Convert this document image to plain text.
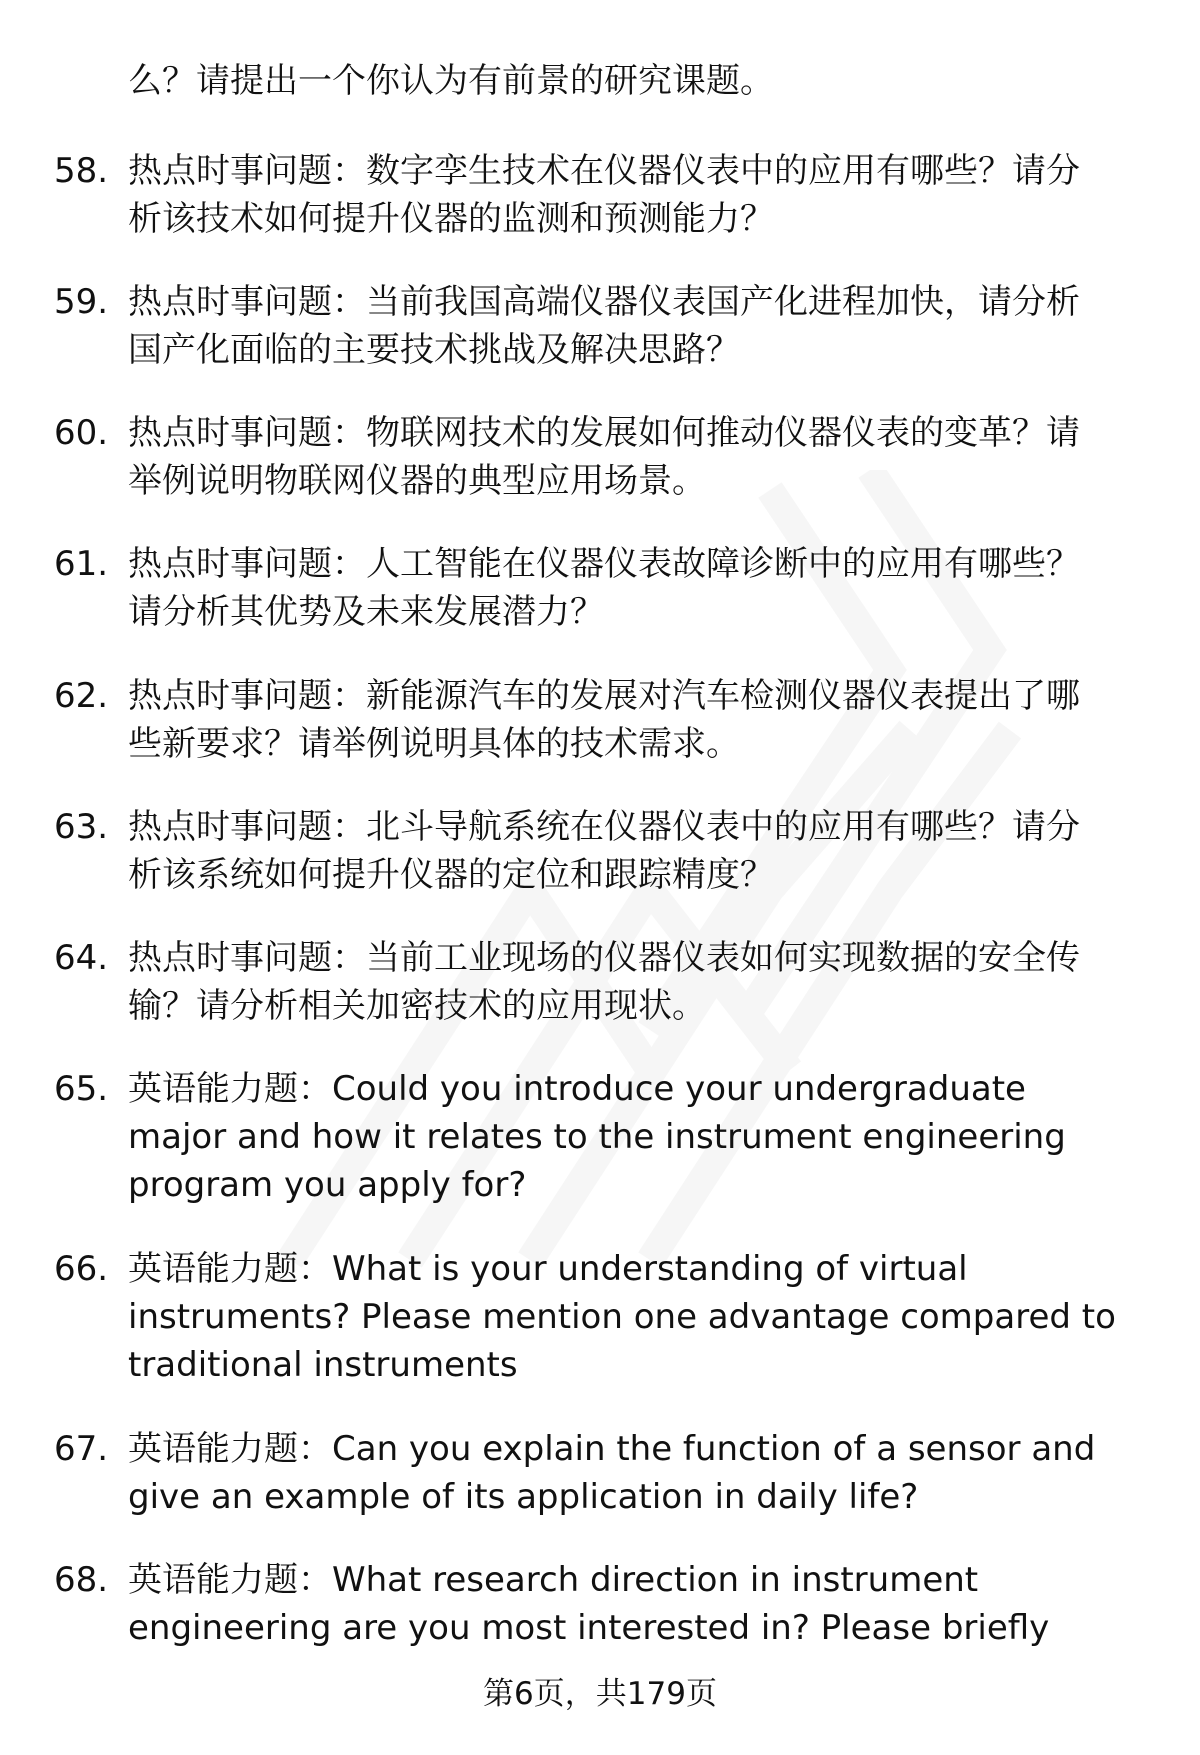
么？请提出一个你认为有前景的研究课题。
58. 热点时事问题：数字孪生技术在仪器仪表中的应用有哪些？请分
析该技术如何提升仪器的监测和预测能力？
59. 热点时事问题：当前我国高端仪器仪表国产化进程加快，请分析
国产化面临的主要技术挑战及解决思路？
60. 热点时事问题：物联网技术的发展如何推动仪器仪表的变革？请
举例说明物联网仪器的典型应用场景。
61. 热点时事问题：人工智能在仪器仪表故障诊断中的应用有哪些？
请分析其优势及未来发展潜力？
62. 热点时事问题：新能源汽车的发展对汽车检测仪器仪表提出了哪
些新要求？请举例说明具体的技术需求。
63. 热点时事问题：北斗导航系统在仪器仪表中的应用有哪些？请分
析该系统如何提升仪器的定位和跟踪精度？
64. 热点时事问题：当前工业现场的仪器仪表如何实现数据的安全传
输？请分析相关加密技术的应用现状。
65. 英语能力题：Could you introduce your undergraduate
major and how it relates to the instrument engineering
program you apply for?
66. 英语能力题：What is your understanding of virtual
instruments? Please mention one advantage compared to
traditional instruments
67. 英语能力题：Can you explain the function of a sensor and
give an example of its application in daily life?
68. 英语能力题：What research direction in instrument
engineering are you most interested in? Please briefly
第6页，共179页
